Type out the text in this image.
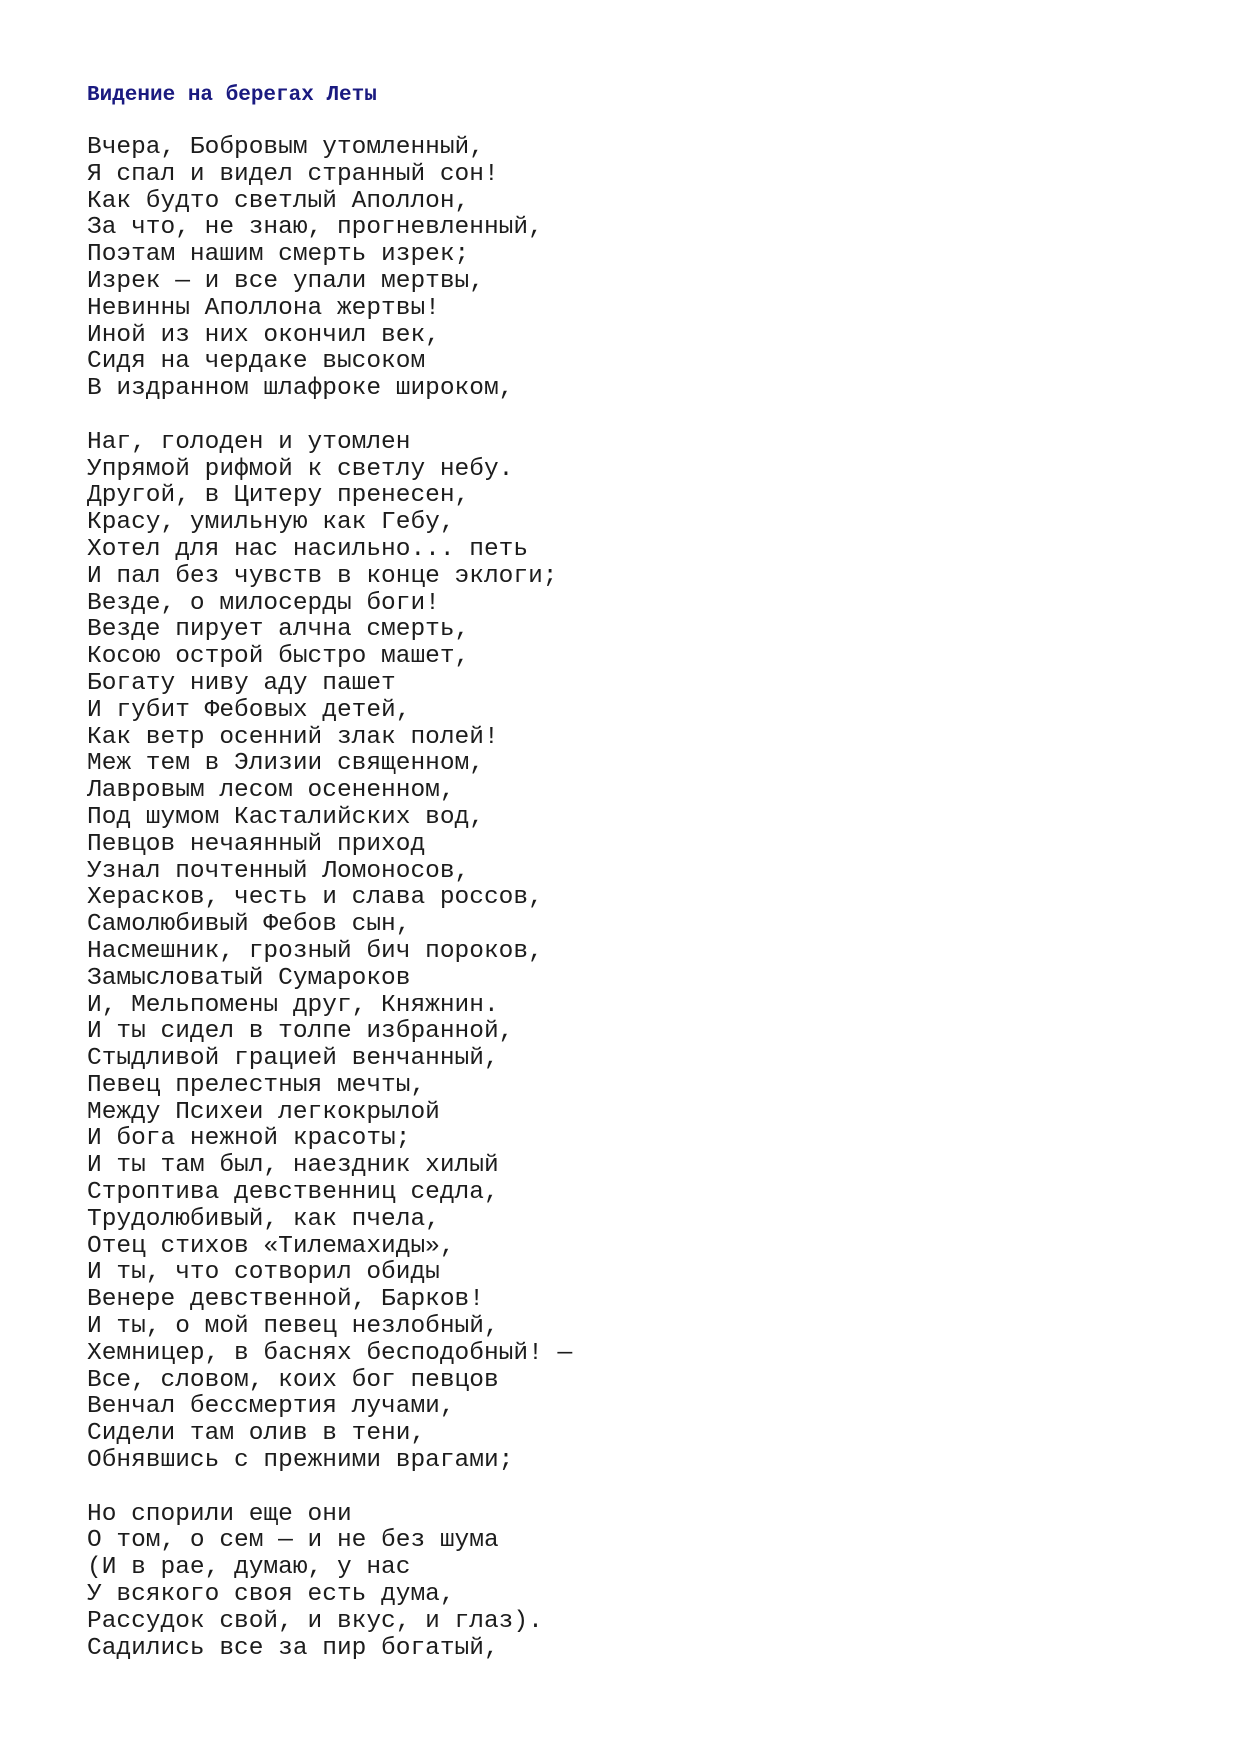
Видение на берегах Леты
Вчера, Бобровым утомленный,
Я спал и видел странный сон!
Как будто светлый Аполлон,
За что, не знаю, прогневленный,
Поэтам нашим смерть изрек;
Изрек — и все упали мертвы,
Невинны Аполлона жертвы!
Иной из них окончил век,
Сидя на чердаке высоком
В издранном шлафроке широком,
Наг, голоден и утомлен
Упрямой рифмой к светлу небу.
Другой, в Цитеру пренесен,
Красу, умильную как Гебу,
Хотел для нас насильно... петь
И пал без чувств в конце эклоги;
Везде, о милосерды боги!
Везде пирует алчна смерть,
Косою острой быстро машет,
Богату ниву аду пашет
И губит Фебовых детей,
Как ветр осенний злак полей!
Меж тем в Элизии священном,
Лавровым лесом осененном,
Под шумом Касталийских вод,
Певцов нечаянный приход
Узнал почтенный Ломоносов,
Херасков, честь и слава россов,
Самолюбивый Фебов сын,
Насмешник, грозный бич пороков,
Замысловатый Сумароков
И, Мельпомены друг, Княжнин.
И ты сидел в толпе избранной,
Стыдливой грацией венчанный,
Певец прелестныя мечты,
Между Психеи легкокрылой
И бога нежной красоты;
И ты там был, наездник хилый
Строптива девственниц седла,
Трудолюбивый, как пчела,
Отец стихов «Тилемахиды»,
И ты, что сотворил обиды
Венере девственной, Барков!
И ты, о мой певец незлобный,
Хемницер, в баснях бесподобный! —
Все, словом, коих бог певцов
Венчал бессмертия лучами,
Сидели там олив в тени,
Обнявшись с прежними врагами;
Но спорили еще они
О том, о сем — и не без шума
(И в рае, думаю, у нас
У всякого своя есть дума,
Рассудок свой, и вкус, и глаз).
Садились все за пир богатый,
